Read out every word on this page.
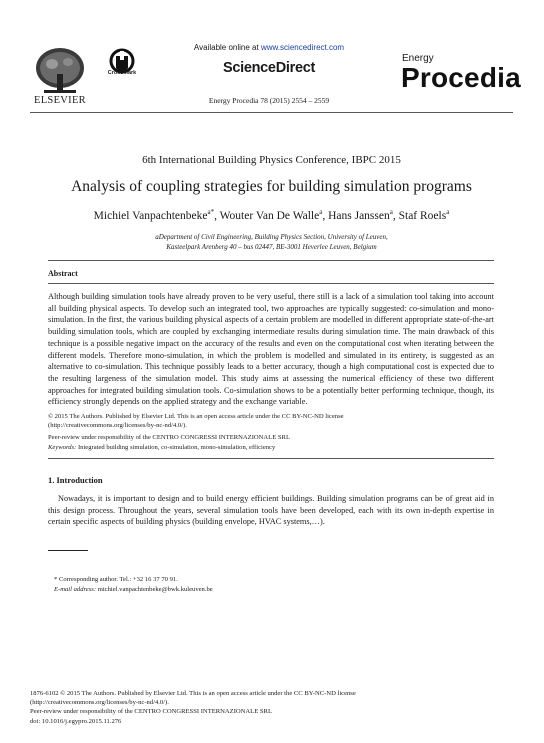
ELSEVIER
CrossMark
Available online at www.sciencedirect.com
ScienceDirect
Energy Procedia 78 (2015) 2554 – 2559
Energy
Procedia
6th International Building Physics Conference, IBPC 2015
Analysis of coupling strategies for building simulation programs
Michiel Vanpachtenbeke$^{a*}$, Wouter Van De Walle$^a$, Hans Janssen$^a$, Staf Roels$^a$
aDepartment of Civil Engineering, Building Physics Section, University of Leuven,
Kasteelpark Arenberg 40 – bus 02447, BE-3001 Heverlee Leuven, Belgium
Abstract
Although building simulation tools have already proven to be very useful, there still is a lack of a simulation tool taking into account all building physical aspects. To develop such an integrated tool, two approaches are typically suggested: co-simulation and mono-simulation. In the first, the various building physical aspects of a certain problem are modelled in different appropriate state-of-the-art building simulation tools, which are coupled by exchanging intermediate results during simulation time. The main drawback of this technique is a possible negative impact on the accuracy of the results and even on the computational cost when iterating between the different models. Therefore mono-simulation, in which the problem is modelled and simulated in its entirety, is suggested as an alternative to co-simulation. This technique possibly leads to a better accuracy, though a high computational cost is expected due to the resulting largeness of the simulation model. This study aims at assessing the numerical efficiency of these two different approaches for integrated building simulation tools. Co-simulation shows to be a potentially better performing technique, though, its efficiency strongly depends on the applied strategy and the exchange variable.
© 2015 The Authors. Published by Elsevier Ltd. This is an open access article under the CC BY-NC-ND license
(http://creativecommons.org/licenses/by-nc-nd/4.0/).
Peer-review under responsibility of the CENTRO CONGRESSI INTERNAZIONALE SRL
Keywords: Integrated building simulation, co-simulation, mono-simulation, efficiency
1. Introduction
Nowadays, it is important to design and to build energy efficient buildings. Building simulation programs can be of great aid in this design process. Throughout the years, several simulation tools have been developed, each with its own in-depth expertise in certain specific aspects of building physics (building envelope, HVAC systems,…).
* Corresponding author. Tel.: +32 16 37 70 91.
E-mail address: michiel.vanpachtenbeke@bwk.kuleuven.be
1876-6102 © 2015 The Authors. Published by Elsevier Ltd. This is an open access article under the CC BY-NC-ND license
(http://creativecommons.org/licenses/by-nc-nd/4.0/).
Peer-review under responsibility of the CENTRO CONGRESSI INTERNAZIONALE SRL
doi: 10.1016/j.egypro.2015.11.276
